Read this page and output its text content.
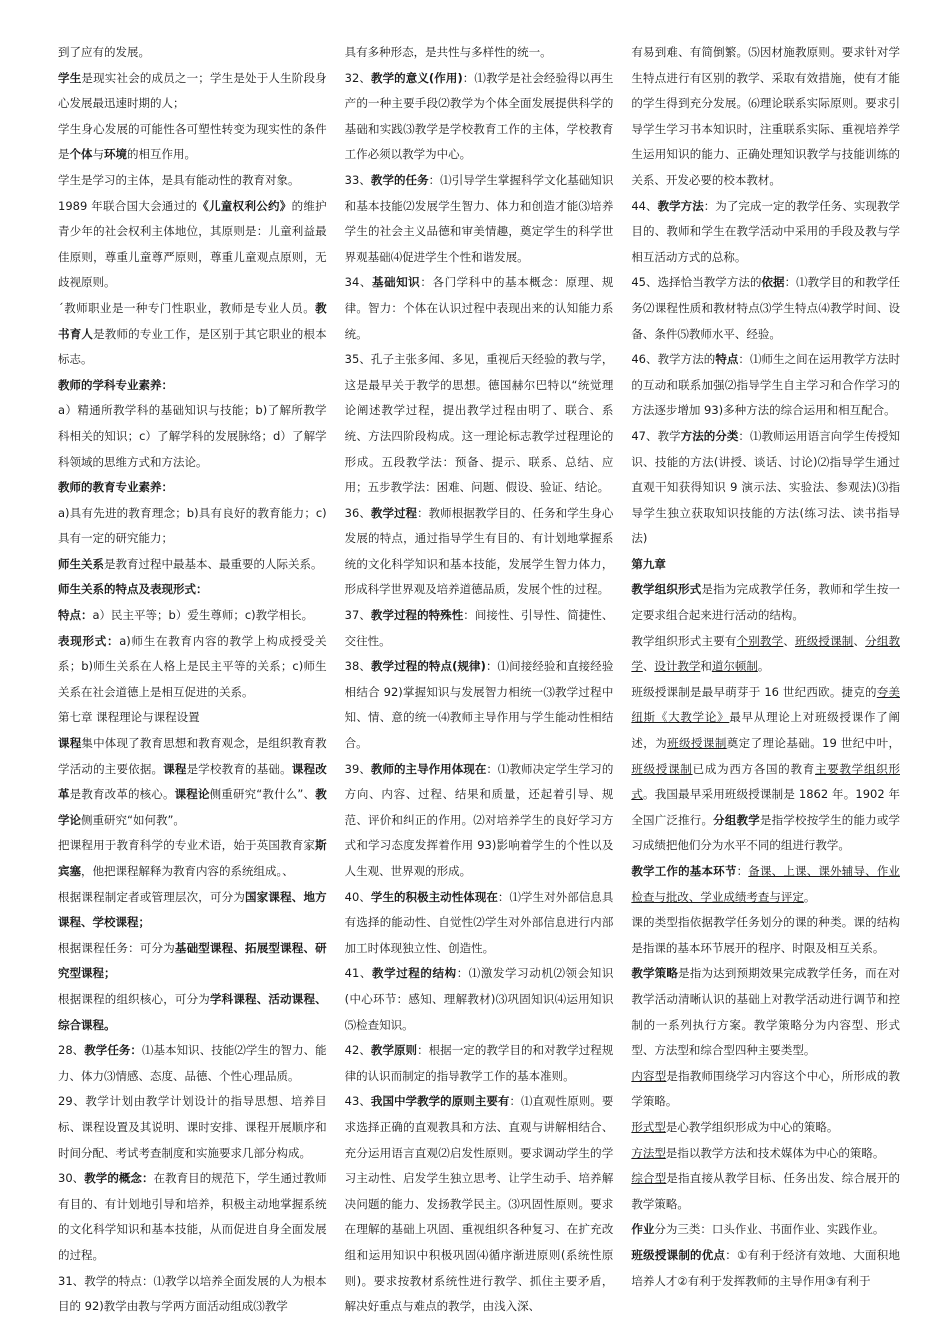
到了应有的发展。

学生是现实社会的成员之一；学生是处于人生阶段身心发展最迅速时期的人；

学生身心发展的可能性各可塑性转变为现实性的条件是个体与环境的相互作用。

学生是学习的主体，是具有能动性的教育对象。

1989 年联合国大会通过的《儿童权利公约》的维护青少年的社会权利主体地位，其原则是：儿童利益最佳原则，尊重儿童尊严原则，尊重儿童观点原则，无歧视原则。

ˊ教师职业是一种专门性职业，教师是专业人员。教书育人是教师的专业工作，是区别于其它职业的根本标志。

教师的学科专业素养：

a）精通所教学科的基础知识与技能；b)了解所教学科相关的知识；c）了解学科的发展脉络；d）了解学科领域的思维方式和方法论。

教师的教育专业素养：

a)具有先进的教育理念；b)具有良好的教育能力；c)具有一定的研究能力；

师生关系是教育过程中最基本、最重要的人际关系。

师生关系的特点及表现形式：

特点：a）民主平等；b）爱生尊师；c)教学相长。

表现形式：a)师生在教育内容的教学上构成授受关系；b)师生关系在人格上是民主平等的关系；c)师生关系在社会道德上是相互促进的关系。

第七章 课程理论与课程设置

课程集中体现了教育思想和教育观念，是组织教育教学活动的主要依据。课程是学校教育的基础。课程改革是教育改革的核心。课程论侧重研究“教什么”、教学论侧重研究“如何教”。

把课程用于教育科学的专业术语，始于英国教育家斯宾塞，他把课程解释为教育内容的系统组成。、

根据课程制定者或管理层次，可分为国家课程、地方课程、学校课程；

根据课程任务：可分为基础型课程、拓展型课程、研究型课程；

根据课程的组织核心，可分为学科课程、活动课程、综合课程。

28、教学任务：⑴基本知识、技能⑵学生的智力、能力、体力⑶情感、态度、品德、个性心理品质。

29、教学计划由教学计划设计的指导思想、培养目标、课程设置及其说明、课时安排、课程开展顺序和时间分配、考试考查制度和实施要求几部分构成。

30、教学的概念：在教育目的规范下，学生通过教师有目的、有计划地引导和培养，积极主动地掌握系统的文化科学知识和基本技能，从而促进自身全面发展的过程。

31、教学的特点：⑴教学以培养全面发展的人为根本目的 92)教学由教与学两方面活动组成⑶教学

具有多种形态，是共性与多样性的统一。

32、教学的意义(作用)：⑴教学是社会经验得以再生产的一种主要手段⑵教学为个体全面发展提供科学的基础和实践⑶教学是学校教育工作的主体，学校教育工作必须以教学为中心。

33、教学的任务：⑴引导学生掌握科学文化基础知识和基本技能⑵发展学生智力、体力和创造才能⑶培养学生的社会主义品德和审美情趣，奠定学生的科学世界观基础⑷促进学生个性和谐发展。

34、基础知识：各门学科中的基本概念：原理、规律。智力：个体在认识过程中表现出来的认知能力系统。

35、孔子主张多闻、多见，重视后天经验的教与学，这是最早关于教学的思想。德国赫尔巴特以“统觉理论阐述教学过程，提出教学过程由明了、联合、系统、方法四阶段构成。这一理论标志教学过程理论的形成。五段教学法：预备、提示、联系、总结、应用；五步教学法：困难、问题、假设、验证、结论。

36、教学过程：教师根据教学目的、任务和学生身心发展的特点，通过指导学生有目的、有计划地掌握系统的文化科学知识和基本技能，发展学生智力体力，形成科学世界观及培养道德品质，发展个性的过程。

37、教学过程的特殊性：间接性、引导性、简捷性、交往性。

38、教学过程的特点(规律)：⑴间接经验和直接经验相结合 92)掌握知识与发展智力相统一⑶教学过程中知、情、意的统一⑷教师主导作用与学生能动性相结合。

39、教师的主导作用体现在：⑴教师决定学生学习的方向、内容、过程、结果和质量，还起着引导、规范、评价和纠正的作用。⑵对培养学生的良好学习方式和学习态度发挥着作用 93)影响着学生的个性以及人生观、世界观的形成。

40、学生的积极主动性体现在：⑴学生对外部信息具有选择的能动性、自觉性⑵学生对外部信息进行内部加工时体现独立性、创造性。

41、教学过程的结构：⑴激发学习动机⑵领会知识(中心环节：感知、理解教材)⑶巩固知识⑷运用知识⑸检查知识。

42、教学原则：根据一定的教学目的和对教学过程规律的认识而制定的指导教学工作的基本准则。

43、我国中学教学的原则主要有：⑴直观性原则。要求选择正确的直观教具和方法、直观与讲解相结合、充分运用语言直观⑵启发性原则。要求调动学生的学习主动性、启发学生独立思考、让学生动手、培养解决问题的能力、发扬教学民主。⑶巩固性原则。要求在理解的基础上巩固、重视组织各种复习、在扩充改组和运用知识中积极巩固⑷循序渐进原则(系统性原则)。要求按教材系统性进行教学、抓住主要矛盾，解决好重点与难点的教学，由浅入深、

有易到难、有简倒繁。⑸因材施教原则。要求针对学生特点进行有区别的教学、采取有效措施，使有才能的学生得到充分发展。⑹理论联系实际原则。要求引导学生学习书本知识时，注重联系实际、重视培养学生运用知识的能力、正确处理知识教学与技能训练的关系、开发必要的校本教材。

44、教学方法：为了完成一定的教学任务、实现教学目的、教师和学生在教学活动中采用的手段及教与学相互活动方式的总称。

45、选择恰当教学方法的依据：⑴教学目的和教学任务⑵课程性质和教材特点⑶学生特点⑷教学时间、设备、条件⑸教师水平、经验。

46、教学方法的特点：⑴师生之间在运用教学方法时的互动和联系加强⑵指导学生自主学习和合作学习的方法逐步增加 93)多种方法的综合运用和相互配合。

47、教学方法的分类：⑴教师运用语言向学生传授知识、技能的方法(讲授、谈话、讨论)⑵指导学生通过直观干知获得知识 9 演示法、实验法、参观法)⑶指导学生独立获取知识技能的方法(练习法、读书指导法)

第九章

教学组织形式是指为完成教学任务，教师和学生按一定要求组合起来进行活动的结构。

教学组织形式主要有个别教学、班级授课制、分组教学、设计教学和道尔顿制。

班级授课制是最早萌芽于 16 世纪西欧。捷克的夸美纽斯《大教学论》最早从理论上对班级授课作了阐述，为班级授课制奠定了理论基础。19 世纪中叶，班级授课制已成为西方各国的教育主要教学组织形式。我国最早采用班级授课制是 1862 年。1902 年全国广泛推行。分组教学是指学校按学生的能力或学习成绩把他们分为水平不同的组进行教学。

教学工作的基本环节：备课、上课、课外辅导、作业检查与批改、学业成绩考查与评定。

课的类型指依据教学任务划分的课的种类。课的结构是指课的基本环节展开的程序、时限及相互关系。

教学策略是指为达到预期效果完成教学任务，而在对教学活动清晰认识的基础上对教学活动进行调节和控制的一系列执行方案。教学策略分为内容型、形式型、方法型和综合型四种主要类型。

内容型是指教师围绕学习内容这个中心，所形成的教学策略。

形式型是心教学组织形成为中心的策略。

方法型是指以教学方法和技术媒体为中心的策略。

综合型是指直接从教学目标、任务出发、综合展开的教学策略。

作业分为三类：口头作业、书面作业、实践作业。

班级授课制的优点：①有利于经济有效地、大面积地培养人才②有利于发挥教师的主导作用③有利于
